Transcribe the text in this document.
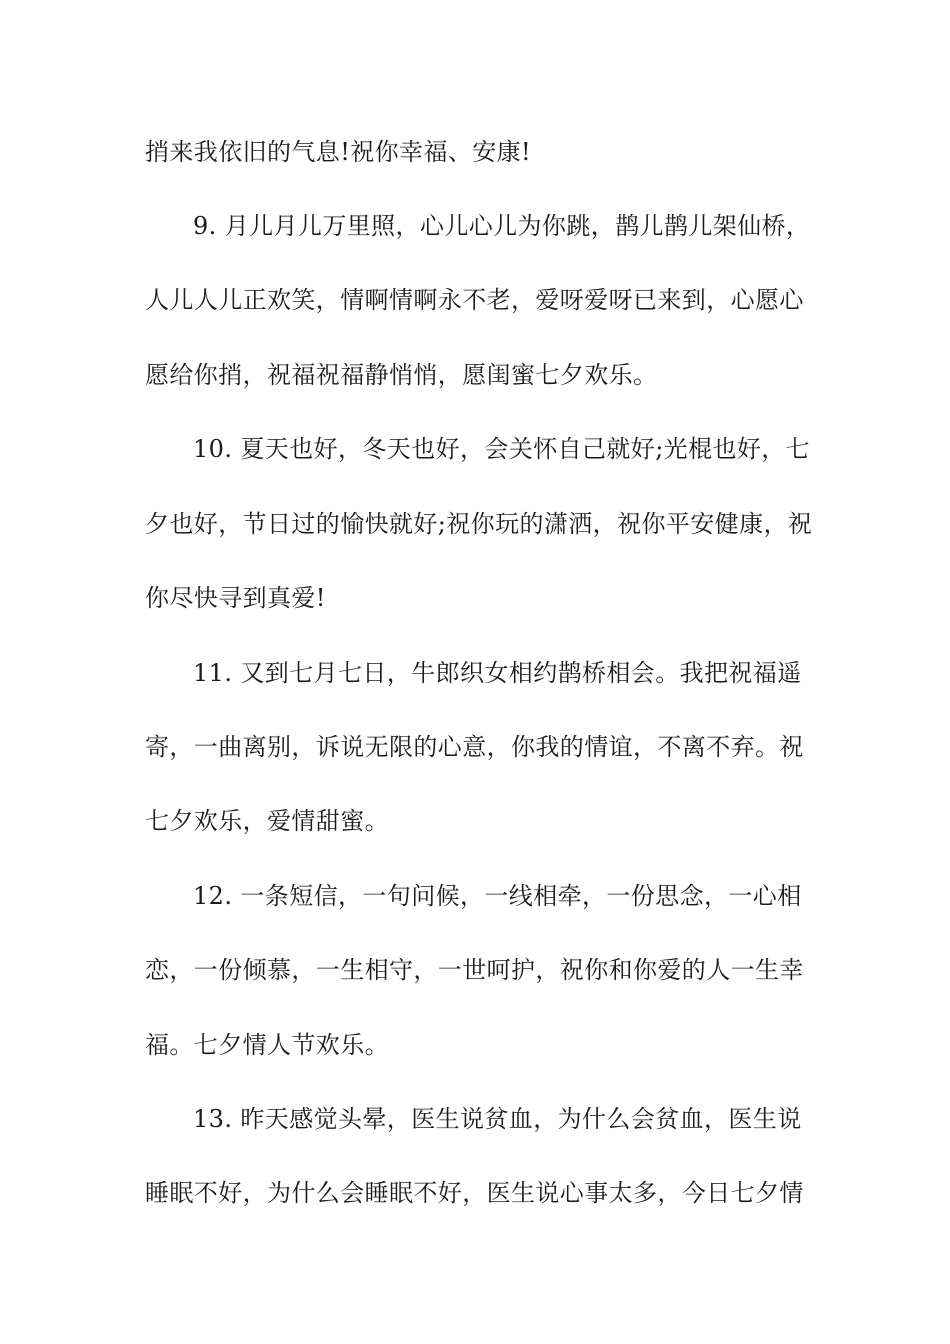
捎来我依旧的气息!祝你幸福、安康!
9. 月儿月儿万里照，心儿心儿为你跳，鹊儿鹊儿架仙桥，
人儿人儿正欢笑，情啊情啊永不老，爱呀爱呀已来到，心愿心
愿给你捎，祝福祝福静悄悄，愿闺蜜七夕欢乐。
10. 夏天也好，冬天也好，会关怀自己就好;光棍也好，七
夕也好，节日过的愉快就好;祝你玩的潇洒，祝你平安健康，祝
你尽快寻到真爱!
11. 又到七月七日，牛郎织女相约鹊桥相会。我把祝福遥
寄，一曲离别，诉说无限的心意，你我的情谊，不离不弃。祝
七夕欢乐，爱情甜蜜。
12. 一条短信，一句问候，一线相牵，一份思念，一心相
恋，一份倾慕，一生相守，一世呵护，祝你和你爱的人一生幸
福。七夕情人节欢乐。
13. 昨天感觉头晕，医生说贫血，为什么会贫血，医生说
睡眠不好，为什么会睡眠不好，医生说心事太多，今日七夕情
